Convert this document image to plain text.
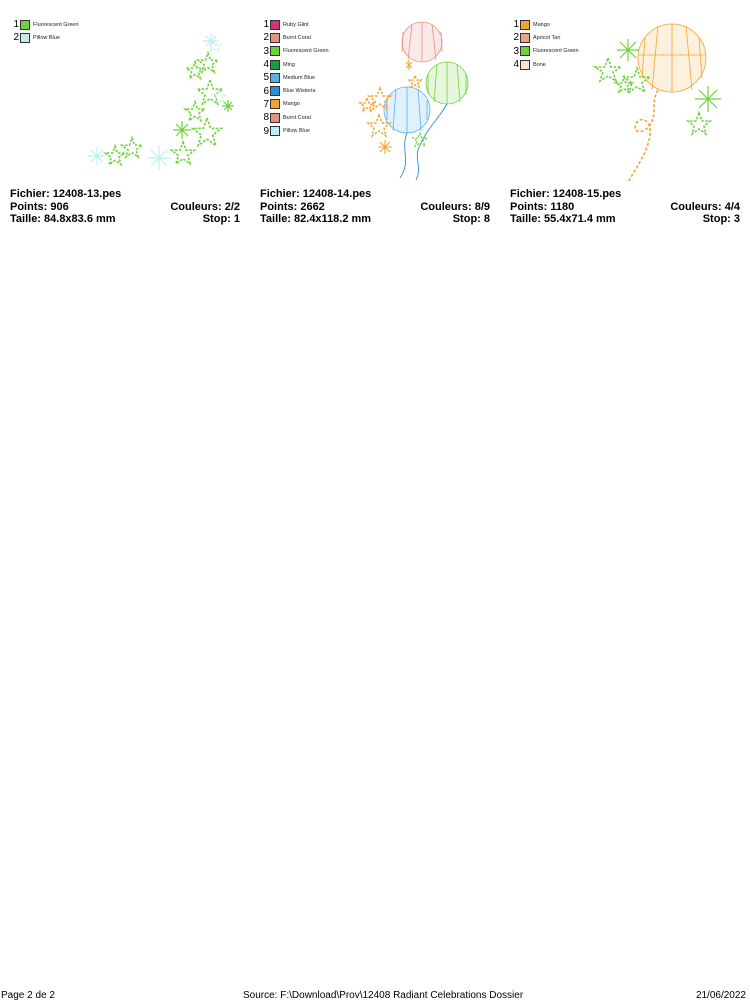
1	Fluorescent Green
2	Pillow Blue
Fichier: 12408-13.pes
Points: 906	Couleurs: 2/2
Taille: 84.8x83.6 mm	Stop: 1
1	Ruby Glint
2	Burnt Coral
3	Fluorescent Green
4	Ming
5	Medium Blue
6	Blue Wisteria
7	Mango
8	Burnt Coral
9	Pillow Blue
Fichier: 12408-14.pes
Points: 2662	Couleurs: 8/9
Taille: 82.4x118.2 mm	Stop: 8
1	Mango
2	Apricot Tan
3	Fluorescent Green
4	Bone
Fichier: 12408-15.pes
Points: 1180	Couleurs: 4/4
Taille: 55.4x71.4 mm	Stop: 3
Page 2 de 2	Source: F:\Download\Prov\12408 Radiant Celebrations Dossier	21/06/2022
